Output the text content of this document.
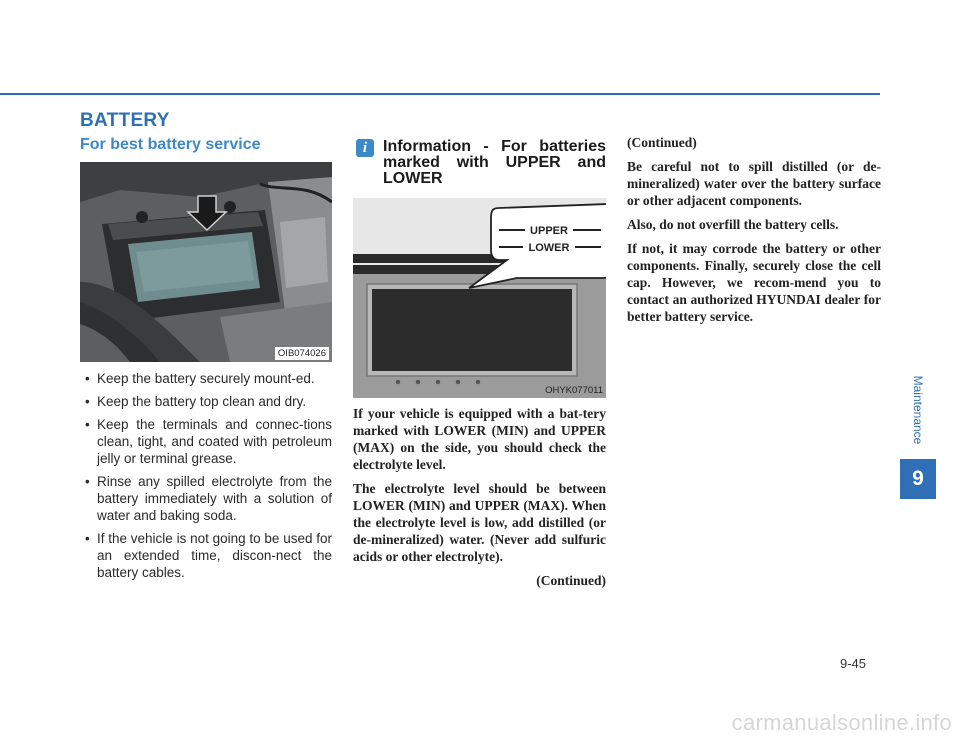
BATTERY
For best battery service
OIB074026
• Keep the battery securely mount-ed.
• Keep the battery top clean and dry.
• Keep the terminals and connec-tions clean, tight, and coated with petroleum jelly or terminal grease.
• Rinse any spilled electrolyte from the battery immediately with a solution of water and baking soda.
• If the vehicle is not going to be used for an extended time, discon-nect the battery cables.
i Information - For batteries marked with UPPER and LOWER
UPPER
LOWER
OHYK077011

If your vehicle is equipped with a bat-tery marked with LOWER (MIN) and UPPER (MAX) on the side, you should check the electrolyte level.

The electrolyte level should be between LOWER (MIN) and UPPER (MAX). When the electrolyte level is low, add distilled (or de-mineralized) water. (Never add sulfuric acids or other electrolyte).

(Continued)

(Continued)

Be careful not to spill distilled (or de-mineralized) water over the battery surface or other adjacent components.

Also, do not overfill the battery cells.

If not, it may corrode the battery or other components. Finally, securely close the cell cap. However, we recom-mend you to contact an authorized HYUNDAI dealer for better battery service.

9-45
Maintenance
9
carmanualsonline.info
